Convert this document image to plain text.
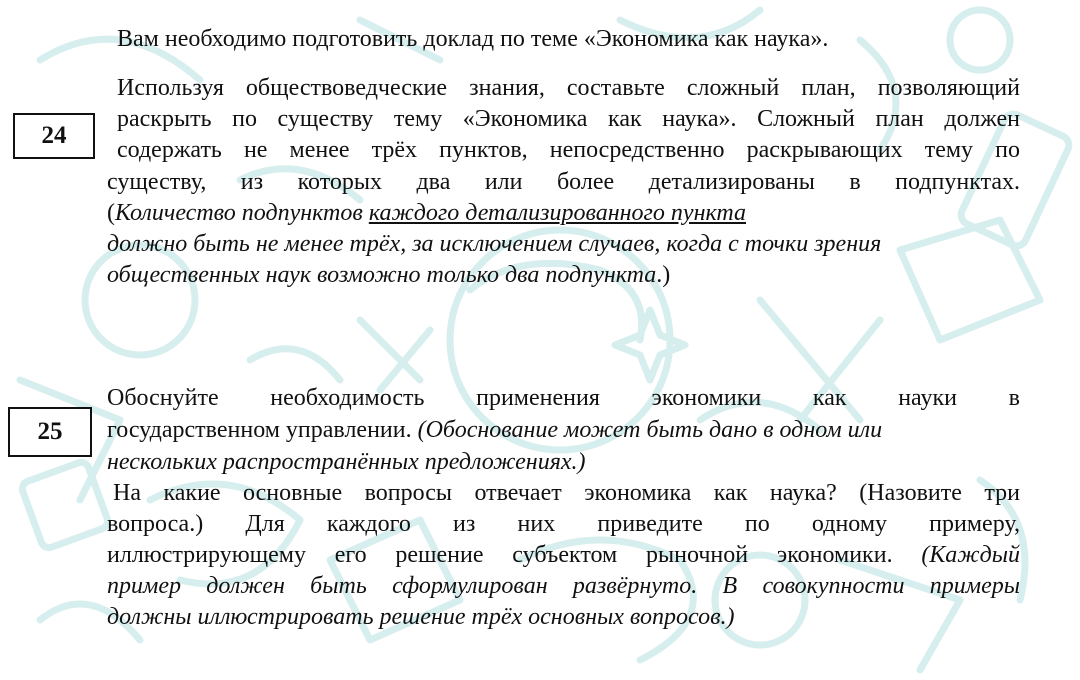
Вам необходимо подготовить доклад по теме «Экономика как наука».
24
Используя обществоведческие знания, составьте сложный план, позволяющий
раскрыть по существу тему «Экономика как наука». Сложный план должен
содержать не менее трёх пунктов, непосредственно раскрывающих тему по
существу, из которых два или более детализированы в подпунктах.
(Количество подпунктов каждого детализированного пункта
должно быть не менее трёх, за исключением случаев, когда с точки зрения
общественных наук возможно только два подпункта.)
25
Обоснуйте необходимость применения экономики как науки в
государственном управлении. (Обоснование может быть дано в одном или
нескольких распространённых предложениях.)
На какие основные вопросы отвечает экономика как наука? (Назовите три
вопроса.) Для каждого из них приведите по одному примеру,
иллюстрирующему его решение субъектом рыночной экономики. (Каждый
пример должен быть сформулирован развёрнуто. В совокупности примеры
должны иллюстрировать решение трёх основных вопросов.)
